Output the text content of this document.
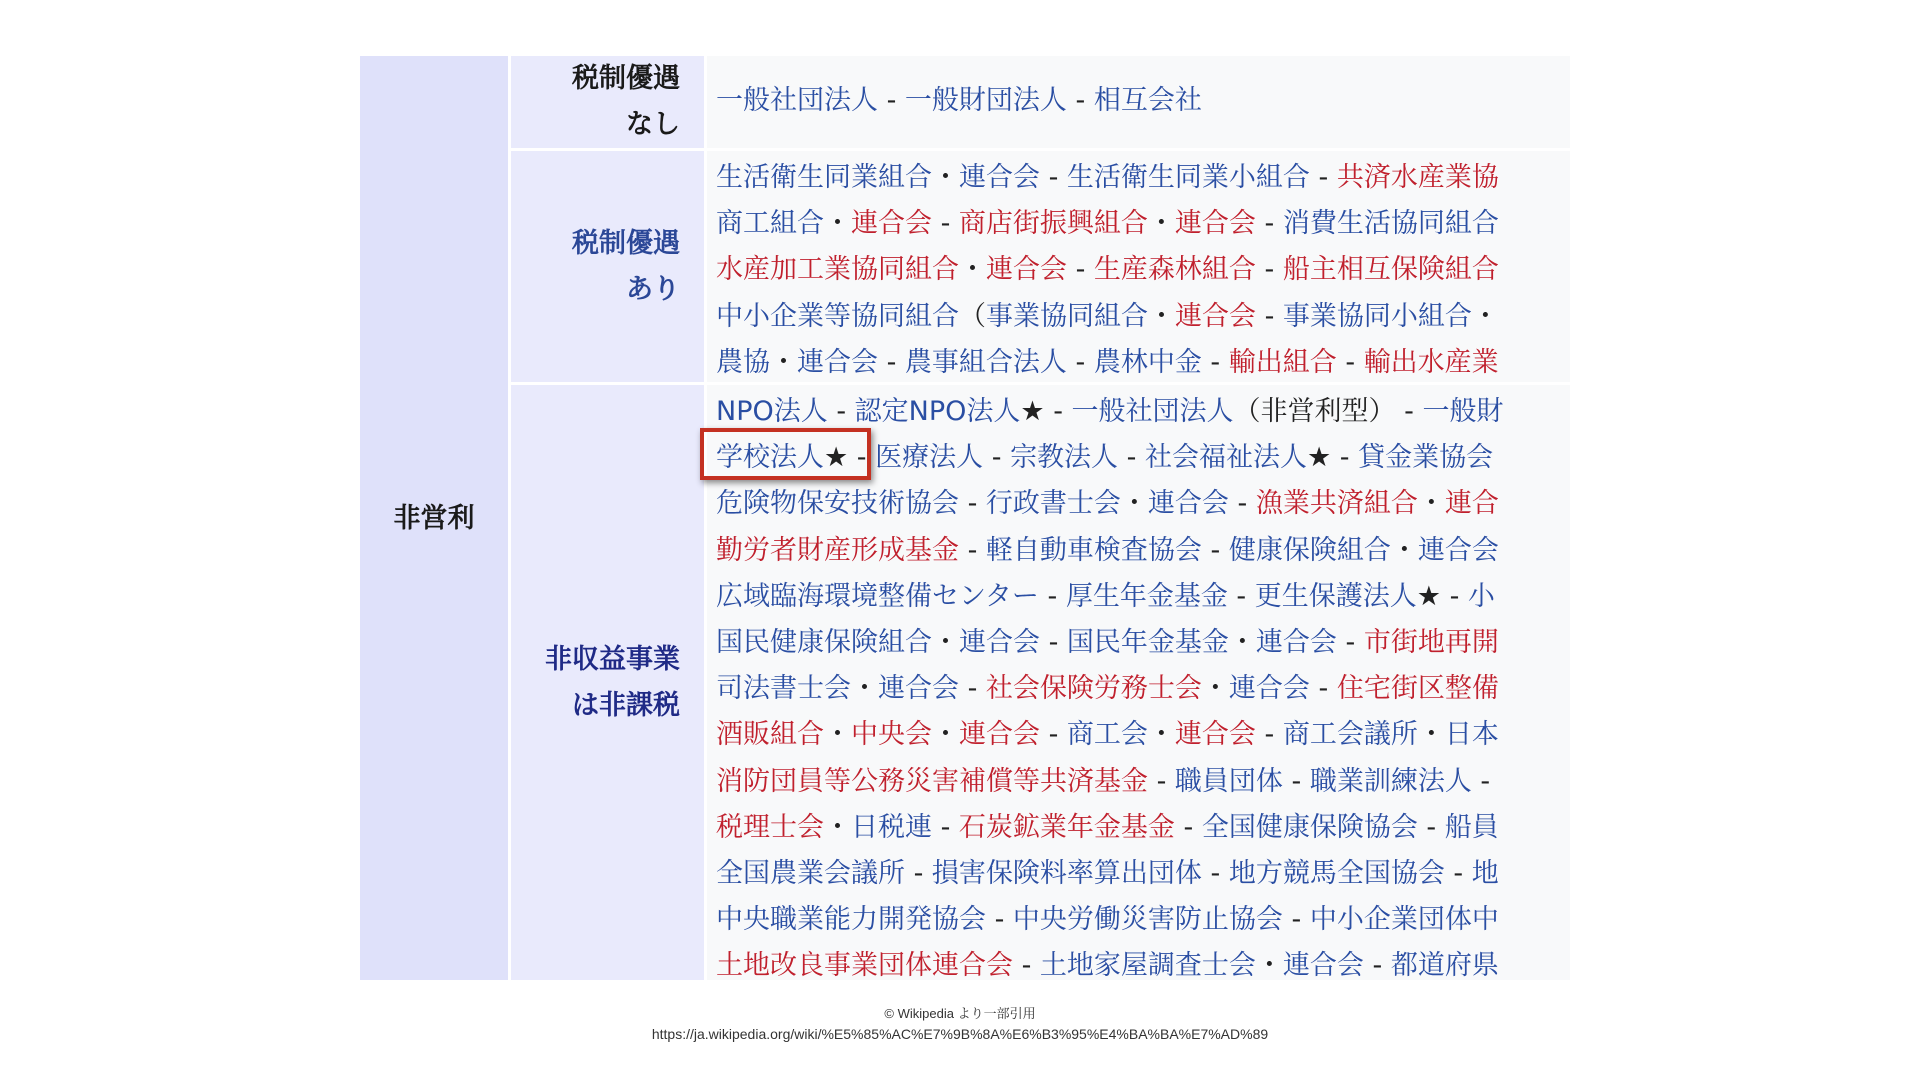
非営利
税制優遇
なし
税制優遇
あり
非収益事業
は非課税
一般社団法人 - 一般財団法人 - 相互会社
生活衛生同業組合・連合会 - 生活衛生同業小組合 - 共済水産業協
商工組合・連合会 - 商店街振興組合・連合会 - 消費生活協同組合
水産加工業協同組合・連合会 - 生産森林組合 - 船主相互保険組合
中小企業等協同組合（事業協同組合・連合会 - 事業協同小組合・
農協・連合会 - 農事組合法人 - 農林中金 - 輸出組合 - 輸出水産業
NPO法人 - 認定NPO法人★ - 一般社団法人（非営利型） - 一般財
学校法人★ - 医療法人 - 宗教法人 - 社会福祉法人★ - 貸金業協会
危険物保安技術協会 - 行政書士会・連合会 - 漁業共済組合・連合
勤労者財産形成基金 - 軽自動車検査協会 - 健康保険組合・連合会
広域臨海環境整備センター - 厚生年金基金 - 更生保護法人★ - 小
国民健康保険組合・連合会 - 国民年金基金・連合会 - 市街地再開
司法書士会・連合会 - 社会保険労務士会・連合会 - 住宅街区整備
酒販組合・中央会・連合会 - 商工会・連合会 - 商工会議所・日本
消防団員等公務災害補償等共済基金 - 職員団体 - 職業訓練法人 -
税理士会・日税連 - 石炭鉱業年金基金 - 全国健康保険協会 - 船員
全国農業会議所 - 損害保険料率算出団体 - 地方競馬全国協会 - 地
中央職業能力開発協会 - 中央労働災害防止協会 - 中小企業団体中
土地改良事業団体連合会 - 土地家屋調査士会・連合会 - 都道府県
© Wikipedia より一部引用
https://ja.wikipedia.org/wiki/%E5%85%AC%E7%9B%8A%E6%B3%95%E4%BA%BA%E7%AD%89
